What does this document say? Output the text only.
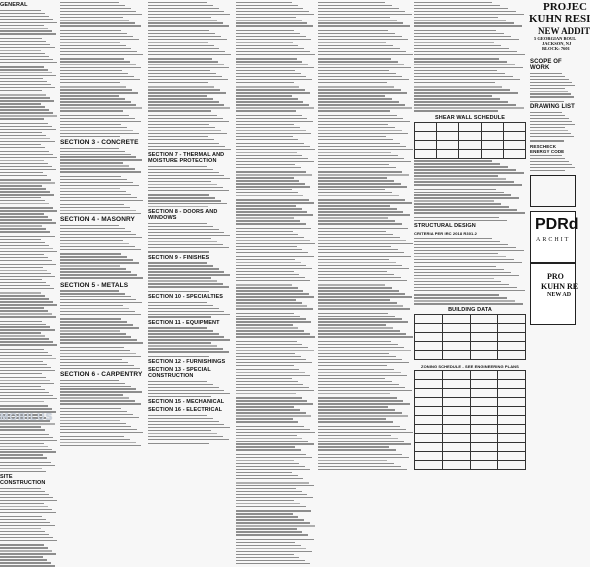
GENERAL
SITE CONSTRUCTION
SECTION 3 - CONCRETE
SECTION 4 - MASONRY
SECTION 5 - METALS
SECTION 6 - CARPENTRY
SECTION 7 - THERMAL AND MOISTURE PROTECTION
SECTION 8 - DOORS AND WINDOWS
SECTION 9 - FINISHES
SECTION 10 - SPECIALTIES
SECTION 11 - EQUIPMENT
SECTION 12 - FURNISHINGS
SECTION 13 - SPECIAL CONSTRUCTION
SECTION 15 - MECHANICAL
SECTION 16 - ELECTRICAL
SHEAR WALL SCHEDULE

STRUCTURAL DESIGN
CRITERIA PER IRC 2018 R301.2
BUILDING DATA

ZONING SCHEDULE - SEE ENGINEERING PLANS

PROJEC
KUHN RESI
NEW ADDIT
5 GEORGIAN BOUL
JACKSON, NJ
BLOCK: 7601
SCOPE OF WORK
DRAWING LIST
RESCHECK ENERGY CODE
PDRd
ARCHIT
PRO
KUHN RE
NEW AD
MOBILUS
